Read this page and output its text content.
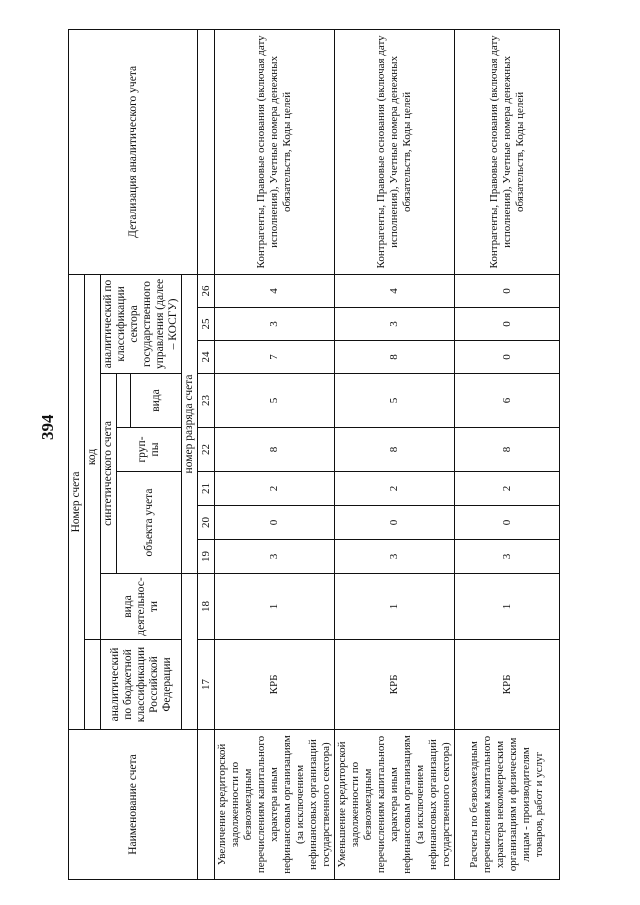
394
Наименование счета	Номер счета										Детализация аналитического учета
		код									
	аналитический по бюджетной классификации Российской Федерации	вида деятельнос-ти	синтетического счета					аналитический по классификации сектора государственного управления (далее – КОСГУ)			
			объекта учета			груп-пы					
							вида				
			номер разряда счета								
	17	18	19	20	21	22	23	24	25	26	
Увеличение кредиторской задолженности по безвозмездным перечислениям капитального характера иным нефинансовым организациям (за исключением нефинансовых организаций государственного сектора)	КРБ	1	3	0	2	8	5	7	3	4	Контрагенты, Правовые основания (включая дату исполнения), Учетные номера денежных обязательств, Коды целей
Уменьшение кредиторской задолженности по безвозмездным перечислениям капитального характера иным нефинансовым организациям (за исключением нефинансовых организаций государственного сектора)	КРБ	1	3	0	2	8	5	8	3	4	Контрагенты, Правовые основания (включая дату исполнения), Учетные номера денежных обязательств, Коды целей
Расчеты по безвозмездным перечислениям капитального характера некоммерческим организациям и физическим лицам - производителям товаров, работ и услуг	КРБ	1	3	0	2	8	6	0	0	0	Контрагенты, Правовые основания (включая дату исполнения), Учетные номера денежных обязательств, Коды целей
